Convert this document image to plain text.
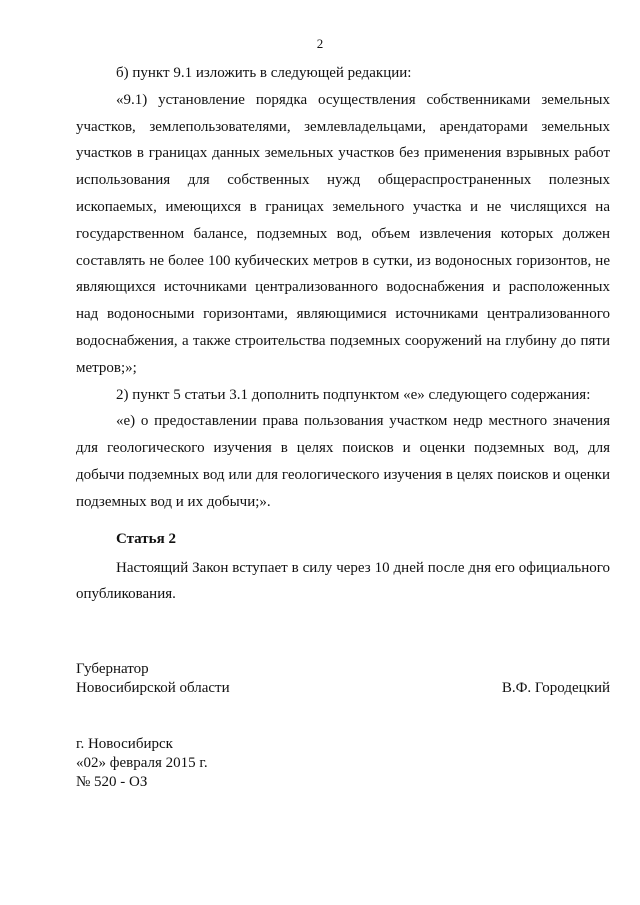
2

б) пункт 9.1 изложить в следующей редакции:

«9.1) установление порядка осуществления собственниками земельных участков, землепользователями, землевладельцами, арендаторами земельных участков в границах данных земельных участков без применения взрывных работ использования для собственных нужд общераспространенных полезных ископаемых, имеющихся в границах земельного участка и не числящихся на государственном балансе, подземных вод, объем извлечения которых должен составлять не более 100 кубических метров в сутки, из водоносных горизонтов, не являющихся источниками централизованного водоснабжения и расположенных над водоносными горизонтами, являющимися источниками централизованного водоснабжения, а также строительства подземных сооружений на глубину до пяти метров;»;

2) пункт 5 статьи 3.1 дополнить подпунктом «е» следующего содержания:

«е) о предоставлении права пользования участком недр местного значения для геологического изучения в целях поисков и оценки подземных вод, для добычи подземных вод или для геологического изучения в целях поисков и оценки подземных вод и их добычи;».

Статья 2

Настоящий Закон вступает в силу через 10 дней после дня его официального опубликования.

Губернатор
Новосибирской области	В.Ф. Городецкий
г. Новосибирск
«02» февраля 2015 г.
№ 520 - ОЗ
